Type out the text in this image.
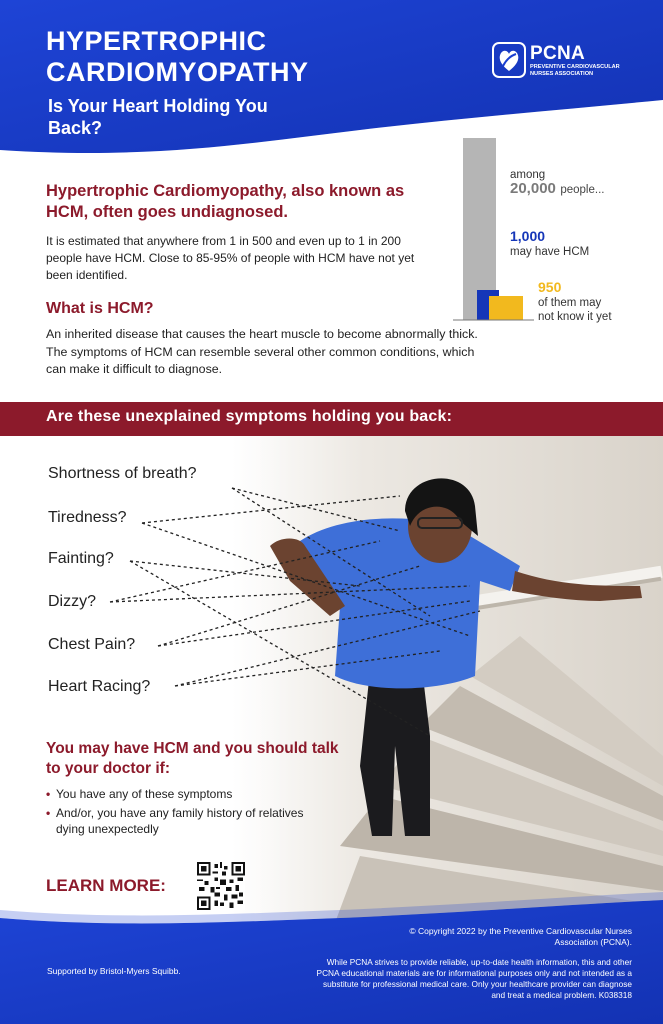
HYPERTROPHIC
CARDIOMYOPATHY
Is Your Heart Holding You Back?
PCNA
PREVENTIVE CARDIOVASCULAR NURSES ASSOCIATION
Hypertrophic Cardiomyopathy, also known as HCM, often goes undiagnosed.
It is estimated that anywhere from 1 in 500 and even up to 1 in 200 people have HCM. Close to 85-95% of people with HCM have not yet been identified.
What is HCM?
An inherited disease that causes the heart muscle to become abnormally thick. The symptoms of HCM can resemble several other common conditions, which can make it difficult to diagnose.
among
20,000 people...
1,000
may have HCM
950
of them may
not know it yet
Are these unexplained symptoms holding you back:
Shortness of breath?
Tiredness?
Fainting?
Dizzy?
Chest Pain?
Heart Racing?
You may have HCM and you should talk to your doctor if:
• You have any of these symptoms
• And/or, you have any family history of relatives dying unexpectedly
LEARN MORE:
Supported by Bristol-Myers Squibb.
© Copyright 2022 by the Preventive Cardiovascular Nurses Association (PCNA).
While PCNA strives to provide reliable, up-to-date health information, this and other PCNA educational materials are for informational purposes only and not intended as a substitute for professional medical care. Only your healthcare provider can diagnose and treat a medical problem. K038318
